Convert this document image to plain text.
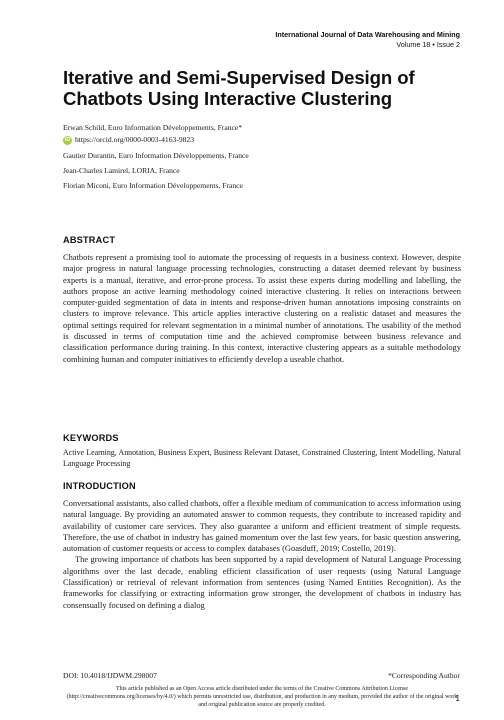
International Journal of Data Warehousing and Mining
Volume 18 • Issue 2
Iterative and Semi-Supervised Design of Chatbots Using Interactive Clustering
Erwan Schild, Euro Information Développements, France*
iD https://orcid.org/0000-0003-4163-9823
Gautier Durantin, Euro Information Développements, France
Jean-Charles Lamirel, LORIA, France
Florian Miconi, Euro Information Développements, France
ABSTRACT

Chatbots represent a promising tool to automate the processing of requests in a business context. However, despite major progress in natural language processing technologies, constructing a dataset deemed relevant by business experts is a manual, iterative, and error-prone process. To assist these experts during modelling and labelling, the authors propose an active learning methodology coined interactive clustering. It relies on interactions between computer-guided segmentation of data in intents and response-driven human annotations imposing constraints on clusters to improve relevance. This article applies interactive clustering on a realistic dataset and measures the optimal settings required for relevant segmentation in a minimal number of annotations. The usability of the method is discussed in terms of computation time and the achieved compromise between business relevance and classification performance during training. In this context, interactive clustering appears as a suitable methodology combining human and computer initiatives to efficiently develop a useable chatbot.

KEYWORDS

Active Learning, Annotation, Business Expert, Business Relevant Dataset, Constrained Clustering, Intent Modelling, Natural Language Processing

INTRODUCTION

Conversational assistants, also called chatbots, offer a flexible medium of communication to access information using natural language. By providing an automated answer to common requests, they contribute to increased rapidity and availability of customer care services. They also guarantee a uniform and efficient treatment of simple requests. Therefore, the use of chatbot in industry has gained momentum over the last few years, for basic question answering, automation of customer requests or access to complex databases (Goasduff, 2019; Costello, 2019).

The growing importance of chatbots has been supported by a rapid development of Natural Language Processing algorithms over the last decade, enabling efficient classification of user requests (using Natural Language Classification) or retrieval of relevant information from sentences (using Named Entities Recognition). As the frameworks for classifying or extracting information grow stronger, the development of chatbots in industry has consensually focused on defining a dialog

DOI: 10.4018/IJDWM.298007	*Corresponding Author
This article published as an Open Access article distributed under the terms of the Creative Commons Attribution License (http://creativecommons.org/licenses/by/4.0/) which permits unrestricted use, distribution, and production in any medium, provided the author of the original work and original publication source are properly credited.
1
